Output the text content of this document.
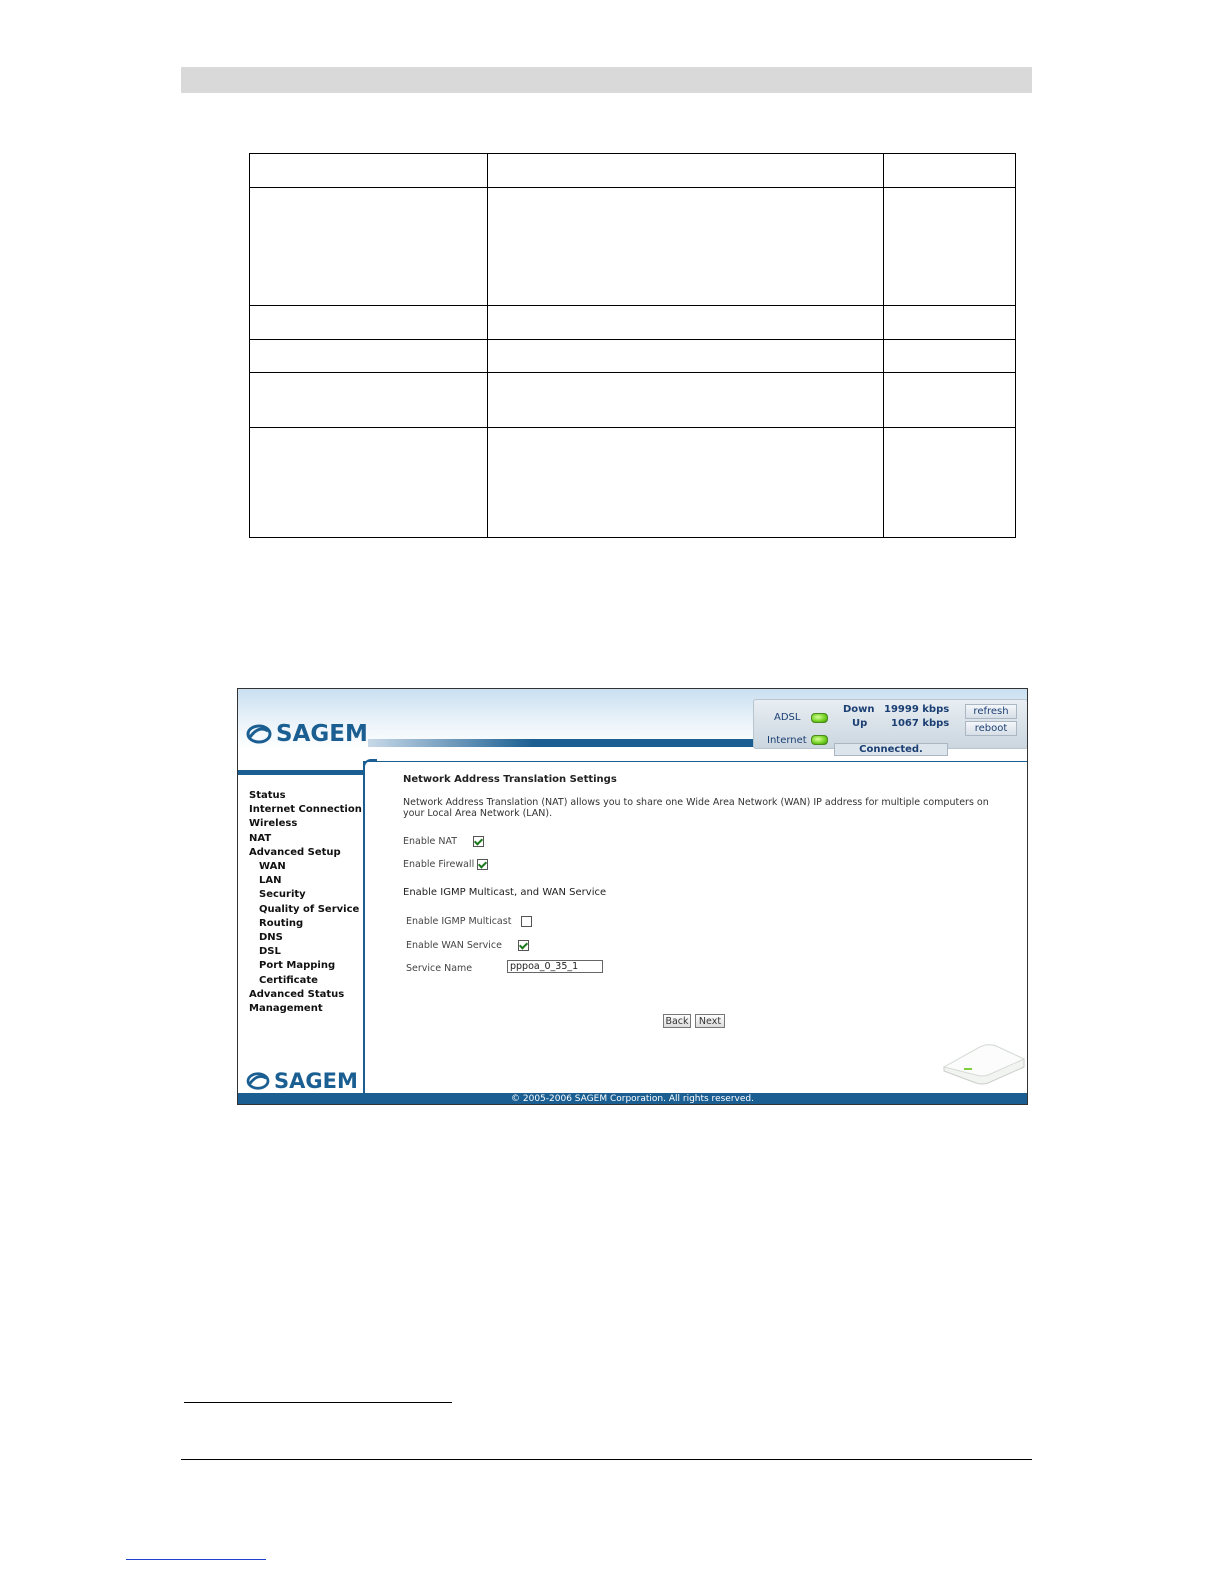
SAGEM
ADSL
Internet
Down 19999 kbps
Up 1067 kbps
Connected.
refresh
reboot
Status
Internet Connection
Wireless
NAT
Advanced Setup
WAN
LAN
Security
Quality of Service
Routing
DNS
DSL
Port Mapping
Certificate
Advanced Status
Management
SAGEM
Network Address Translation Settings
Network Address Translation (NAT) allows you to share one Wide Area Network (WAN) IP address for multiple computers on your Local Area Network (LAN).
Enable NAT
Enable Firewall
Enable IGMP Multicast, and WAN Service
Enable IGMP Multicast
Enable WAN Service
Service Name
pppoa_0_35_1
Back	Next
© 2005-2006 SAGEM Corporation. All rights reserved.
